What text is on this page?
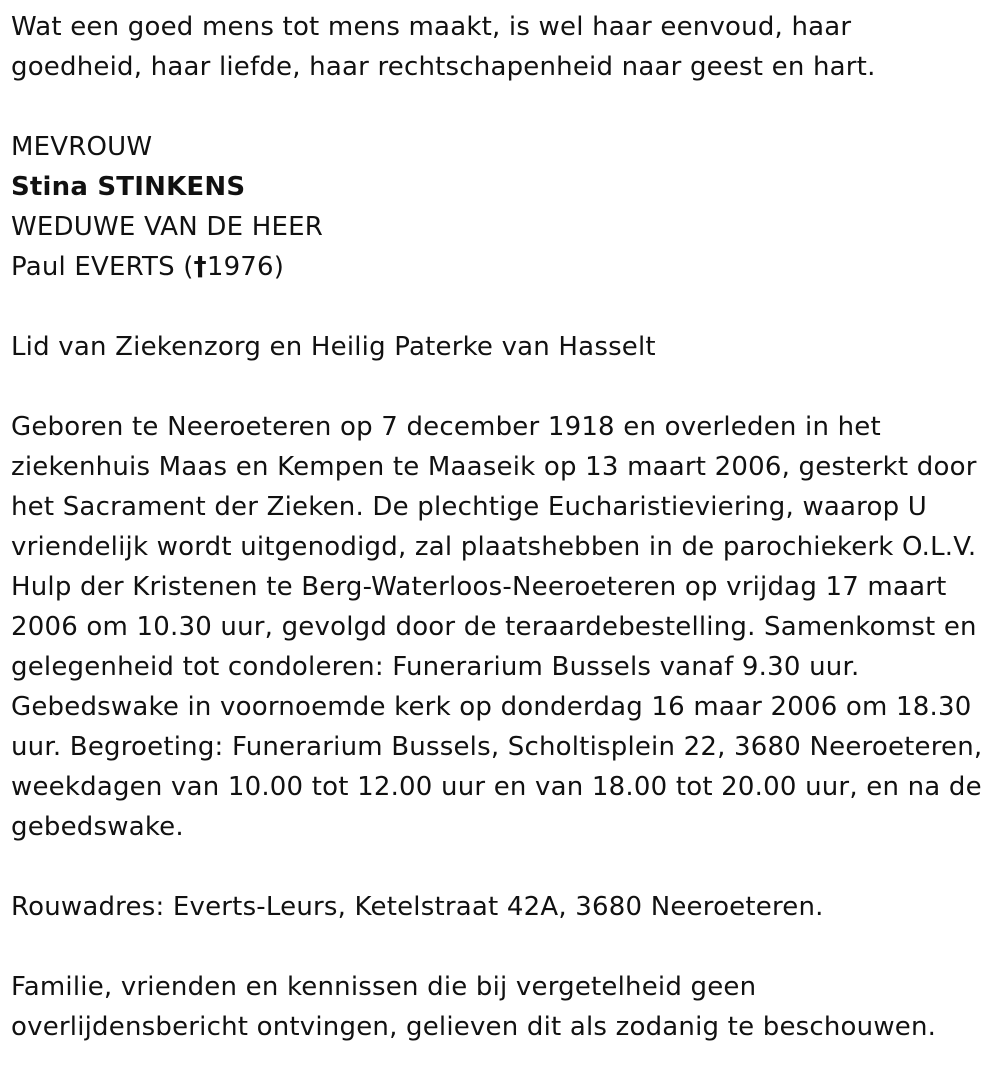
Wat een goed mens tot mens maakt, is wel haar eenvoud, haar
goedheid, haar liefde, haar rechtschapenheid naar geest en hart.

MEVROUW
Stina STINKENS
WEDUWE VAN DE HEER
Paul EVERTS (†1976)

Lid van Ziekenzorg en Heilig Paterke van Hasselt

Geboren te Neeroeteren op 7 december 1918 en overleden in het
ziekenhuis Maas en Kempen te Maaseik op 13 maart 2006, gesterkt door
het Sacrament der Zieken. De plechtige Eucharistieviering, waarop U
vriendelijk wordt uitgenodigd, zal plaatshebben in de parochiekerk O.L.V.
Hulp der Kristenen te Berg-Waterloos-Neeroeteren op vrijdag 17 maart
2006 om 10.30 uur, gevolgd door de teraardebestelling. Samenkomst en
gelegenheid tot condoleren: Funerarium Bussels vanaf 9.30 uur.
Gebedswake in voornoemde kerk op donderdag 16 maar 2006 om 18.30
uur. Begroeting: Funerarium Bussels, Scholtisplein 22, 3680 Neeroeteren,
weekdagen van 10.00 tot 12.00 uur en van 18.00 tot 20.00 uur, en na de
gebedswake.

Rouwadres: Everts-Leurs, Ketelstraat 42A, 3680 Neeroeteren.

Familie, vrienden en kennissen die bij vergetelheid geen
overlijdensbericht ontvingen, gelieven dit als zodanig te beschouwen.
